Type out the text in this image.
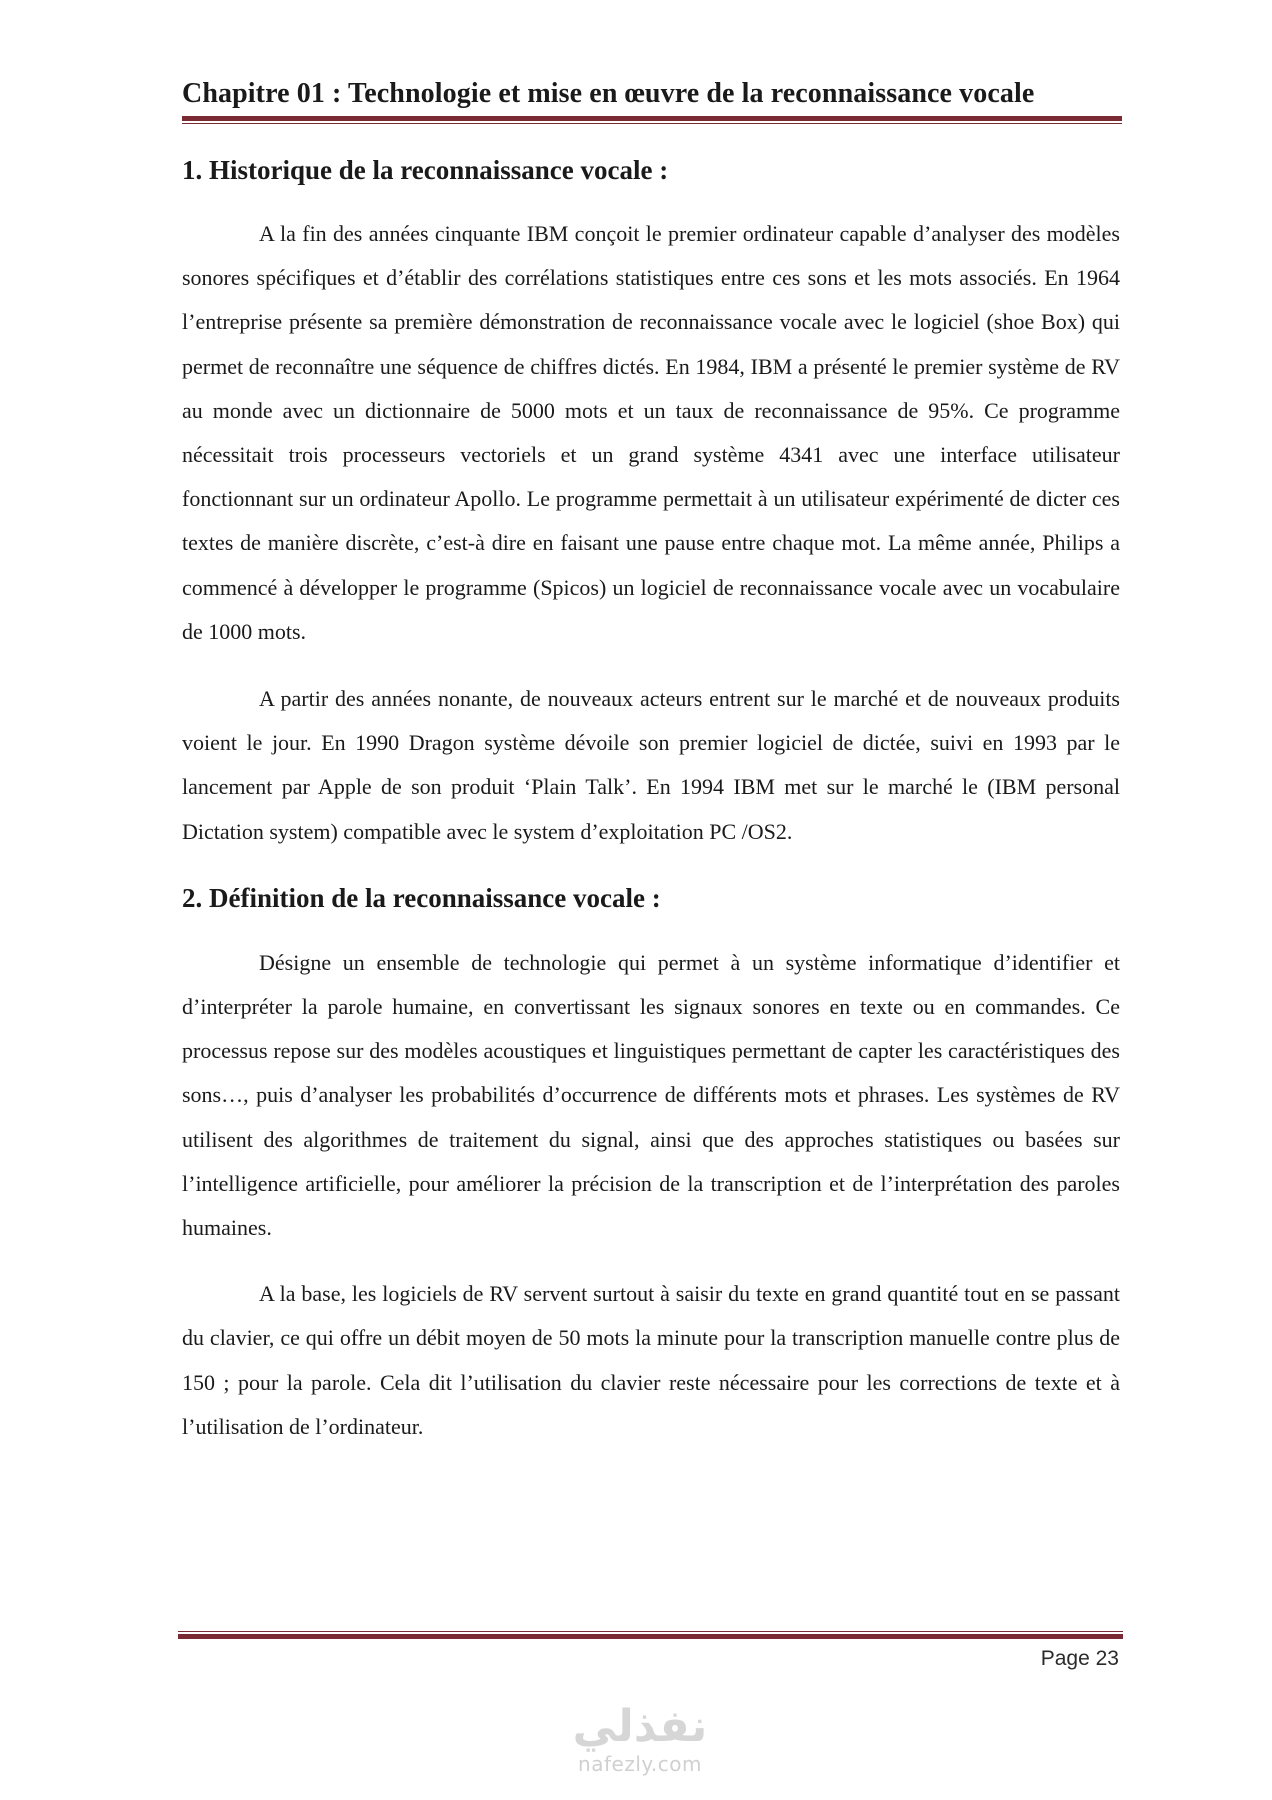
Chapitre 01 : Technologie et mise en œuvre de la reconnaissance vocale
1. Historique de la reconnaissance vocale :

A la fin des années cinquante IBM conçoit le premier ordinateur capable d’analyser des modèles sonores spécifiques et d’établir des corrélations statistiques entre ces sons et les mots associés. En 1964 l’entreprise présente sa première démonstration de reconnaissance vocale avec le logiciel (shoe Box) qui permet de reconnaître une séquence de chiffres dictés. En 1984, IBM a présenté le premier système de RV au monde avec un dictionnaire de 5000 mots et un taux de reconnaissance de 95%. Ce programme nécessitait trois processeurs vectoriels et un grand système 4341 avec une interface utilisateur fonctionnant sur un ordinateur Apollo. Le programme permettait à un utilisateur expérimenté de dicter ces textes de manière discrète, c’est-à dire en faisant une pause entre chaque mot. La même année, Philips a commencé à développer le programme (Spicos) un logiciel de reconnaissance vocale avec un vocabulaire de 1000 mots.

A partir des années nonante, de nouveaux acteurs entrent sur le marché et de nouveaux produits voient le jour. En 1990 Dragon système dévoile son premier logiciel de dictée, suivi en 1993 par le lancement par Apple de son produit ‘Plain Talk’. En 1994 IBM met sur le marché le (IBM personal Dictation system) compatible avec le system d’exploitation PC /OS2.

2. Définition de la reconnaissance vocale :

Désigne un ensemble de technologie qui permet à un système informatique d’identifier et d’interpréter la parole humaine, en convertissant les signaux sonores en texte ou en commandes. Ce processus repose sur des modèles acoustiques et linguistiques permettant de capter les caractéristiques des sons…, puis d’analyser les probabilités d’occurrence de différents mots et phrases. Les systèmes de RV utilisent des algorithmes de traitement du signal, ainsi que des approches statistiques ou basées sur l’intelligence artificielle, pour améliorer la précision de la transcription et de l’interprétation des paroles humaines.

A la base, les logiciels de RV servent surtout à saisir du texte en grand quantité tout en se passant du clavier, ce qui offre un débit moyen de 50 mots la minute pour la transcription manuelle contre plus de 150 ; pour la parole. Cela dit l’utilisation du clavier reste nécessaire pour les corrections de texte et à l’utilisation de l’ordinateur.

Page 23
نفذلي
nafezly.com
